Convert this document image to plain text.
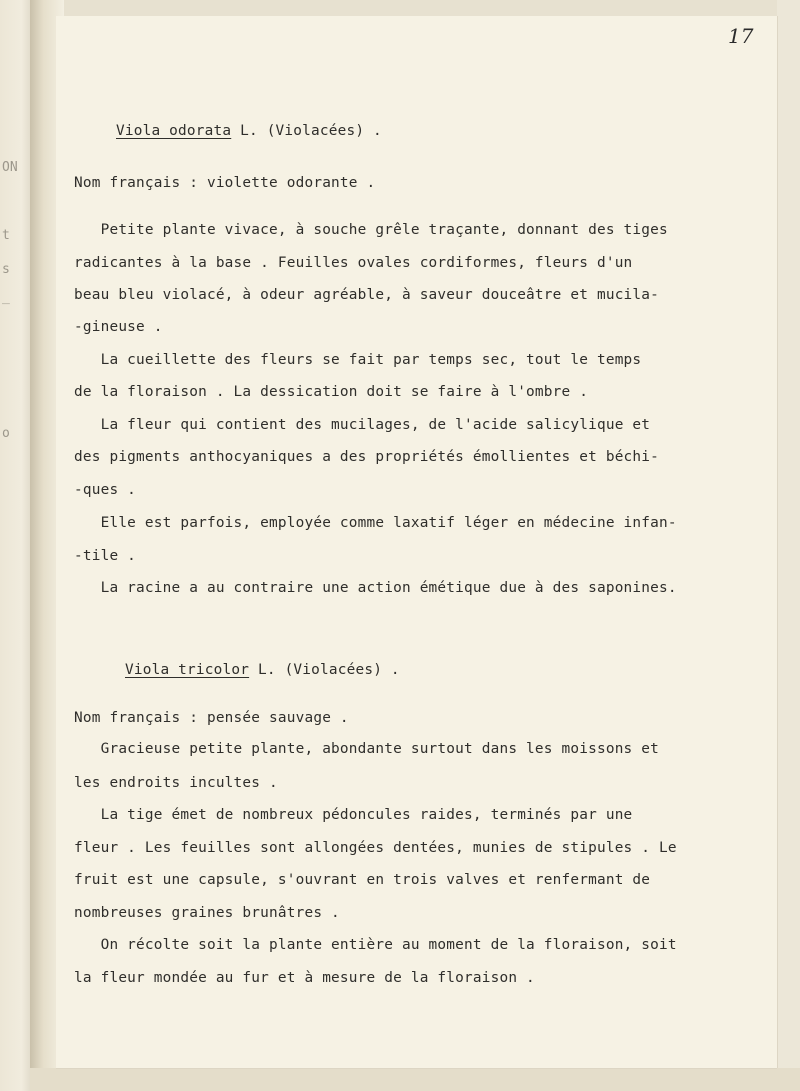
ON
t
s
_
o
17
Viola odorata L. (Violacées) .
Nom français : violette odorante .
Petite plante vivace, à souche grêle traçante, donnant des tiges
radicantes à la base . Feuilles ovales cordiformes, fleurs d'un
beau bleu violacé, à odeur agréable, à saveur douceâtre et mucila-
-gineuse .
La cueillette des fleurs se fait par temps sec, tout le temps
de la floraison . La dessication doit se faire à l'ombre .
La fleur qui contient des mucilages, de l'acide salicylique et
des pigments anthocyaniques a des propriétés émollientes et béchi-
-ques .
Elle est parfois, employée comme laxatif léger en médecine infan-
-tile .
La racine a au contraire une action émétique due à des saponines.
Viola tricolor L. (Violacées) .
Nom français : pensée sauvage .
Gracieuse petite plante, abondante surtout dans les moissons et
les endroits incultes .
La tige émet de nombreux pédoncules raides, terminés par une
fleur . Les feuilles sont allongées dentées, munies de stipules . Le
fruit est une capsule, s'ouvrant en trois valves et renfermant de
nombreuses graines brunâtres .
On récolte soit la plante entière au moment de la floraison, soit
la fleur mondée au fur et à mesure de la floraison .
